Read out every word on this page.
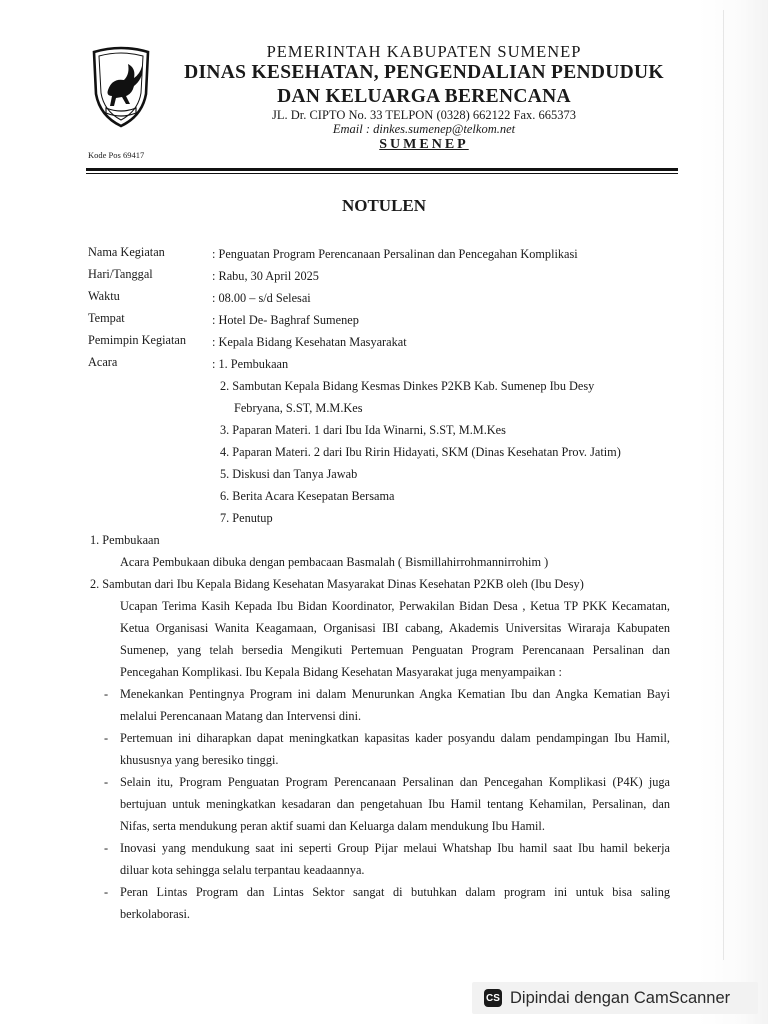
PEMERINTAH KABUPATEN SUMENEP
DINAS KESEHATAN, PENGENDALIAN PENDUDUK
DAN KELUARGA BERENCANA
JL. Dr. CIPTO No. 33 TELPON (0328) 662122 Fax. 665373
Email : dinkes.sumenep@telkom.net
SUMENEP
Kode Pos 69417
NOTULEN
Nama Kegiatan	: Penguatan Program Perencanaan Persalinan dan Pencegahan Komplikasi
Hari/Tanggal	: Rabu, 30 April 2025
Waktu	: 08.00 – s/d Selesai
Tempat	: Hotel De- Baghraf Sumenep
Pemimpin Kegiatan : Kepala Bidang Kesehatan Masyarakat
Acara	: 1. Pembukaan
2. Sambutan Kepala Bidang Kesmas Dinkes P2KB Kab. Sumenep Ibu Desy
Febryana, S.ST, M.M.Kes
3. Paparan Materi. 1 dari Ibu Ida Winarni, S.ST, M.M.Kes
4. Paparan Materi. 2 dari Ibu Ririn Hidayati, SKM (Dinas Kesehatan Prov. Jatim)
5. Diskusi dan Tanya Jawab
6. Berita Acara Kesepatan Bersama
7. Penutup
1. Pembukaan
Acara Pembukaan dibuka dengan pembacaan Basmalah ( Bismillahirrohmannirrohim )
2. Sambutan dari Ibu Kepala Bidang Kesehatan Masyarakat Dinas Kesehatan P2KB oleh (Ibu Desy)
Ucapan Terima Kasih Kepada Ibu Bidan Koordinator, Perwakilan Bidan Desa , Ketua TP PKK Kecamatan,
Ketua Organisasi Wanita Keagamaan, Organisasi IBI cabang, Akademis Universitas Wiraraja Kabupaten
Sumenep, yang telah bersedia Mengikuti Pertemuan Penguatan Program Perencanaan Persalinan dan
Pencegahan Komplikasi. Ibu Kepala Bidang Kesehatan Masyarakat juga menyampaikan :
- Menekankan Pentingnya Program ini dalam Menurunkan Angka Kematian Ibu dan Angka Kematian Bayi
melalui Perencanaan Matang dan Intervensi dini.
- Pertemuan ini diharapkan dapat meningkatkan kapasitas kader posyandu dalam pendampingan Ibu Hamil,
khususnya yang beresiko tinggi.
- Selain itu, Program Penguatan Program Perencanaan Persalinan dan Pencegahan Komplikasi (P4K) juga
bertujuan untuk meningkatkan kesadaran dan pengetahuan Ibu Hamil tentang Kehamilan, Persalinan, dan
Nifas, serta mendukung peran aktif suami dan Keluarga dalam mendukung Ibu Hamil.
- Inovasi yang mendukung saat ini seperti Group Pijar melaui Whatshap Ibu hamil saat Ibu hamil bekerja
diluar kota sehingga selalu terpantau keadaannya.
- Peran Lintas Program dan Lintas Sektor sangat di butuhkan dalam program ini untuk bisa saling
berkolaborasi.
CS Dipindai dengan CamScanner
